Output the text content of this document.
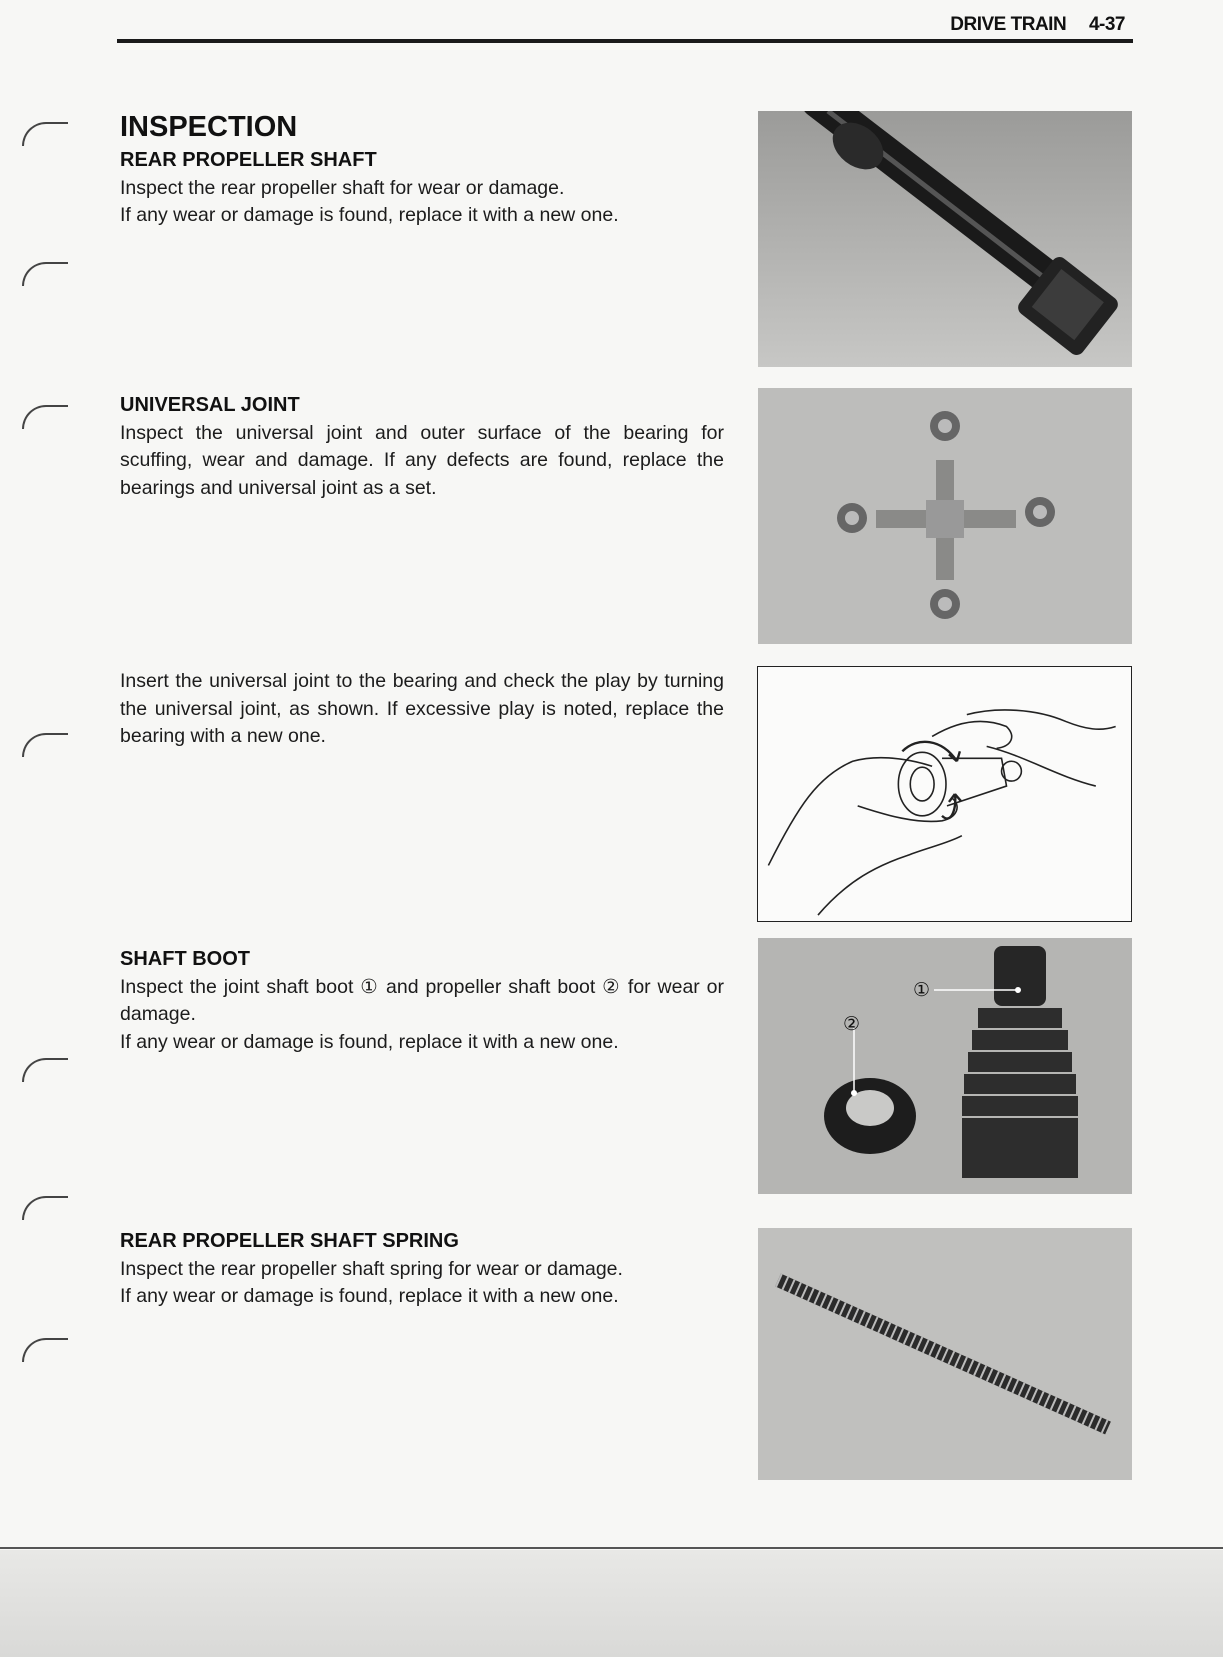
DRIVE TRAIN 4-37
INSPECTION
REAR PROPELLER SHAFT

Inspect the rear propeller shaft for wear or damage.

If any wear or damage is found, replace it with a new one.

UNIVERSAL JOINT

Inspect the universal joint and outer surface of the bearing for scuffing, wear and damage. If any defects are found, replace the bearings and universal joint as a set.

Insert the universal joint to the bearing and check the play by turning the universal joint, as shown. If excessive play is noted, replace the bearing with a new one.

SHAFT BOOT

Inspect the joint shaft boot ① and propeller shaft boot ② for wear or damage.

If any wear or damage is found, replace it with a new one.

REAR PROPELLER SHAFT SPRING

Inspect the rear propeller shaft spring for wear or damage.

If any wear or damage is found, replace it with a new one.

①
②
